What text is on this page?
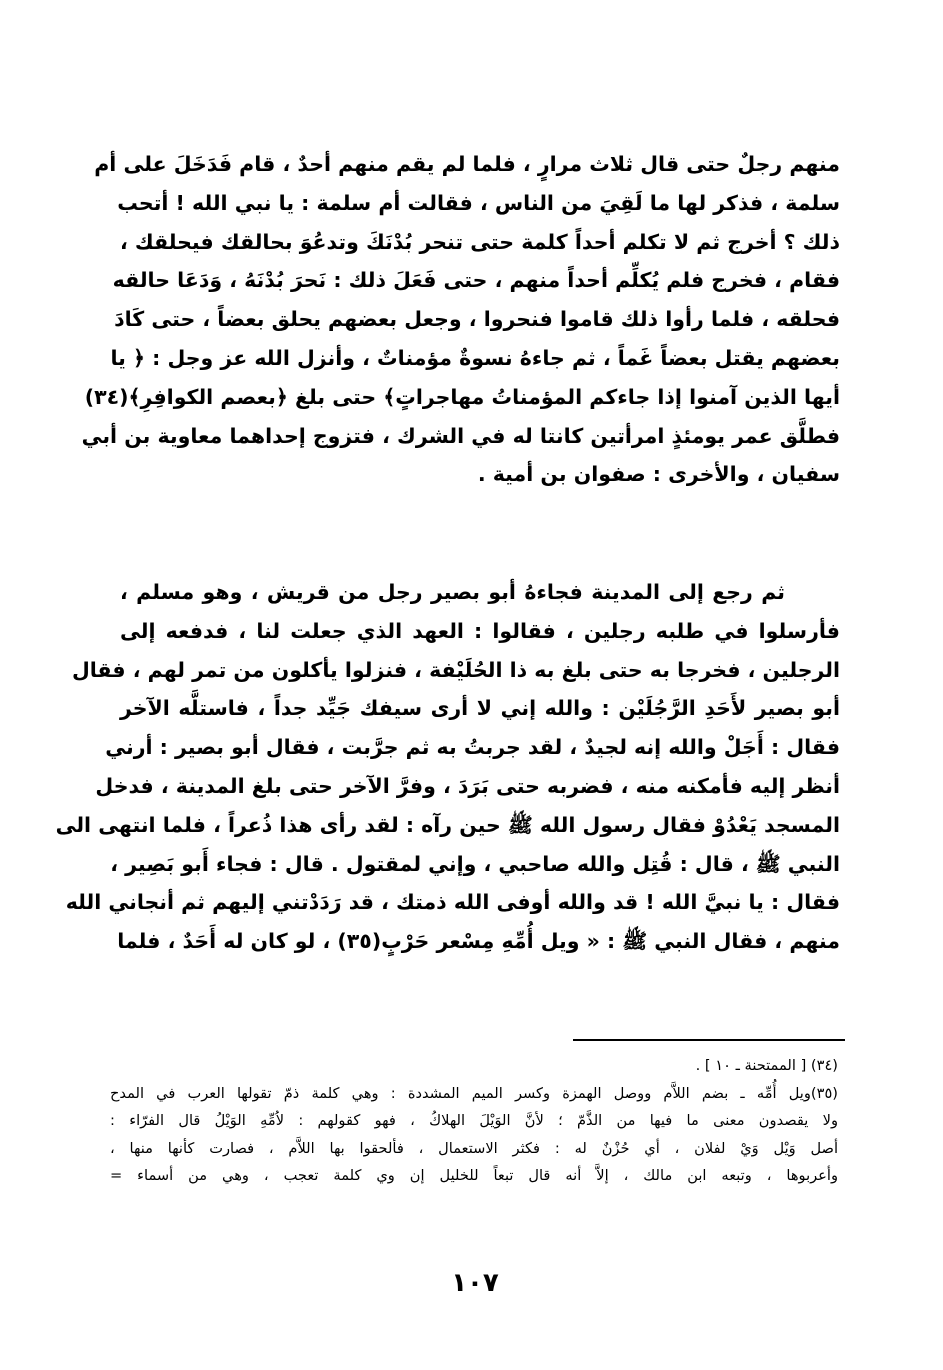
منهم رجلٌ حتى قال ثلاث مرارٍ ، فلما لم يقم منهم أحدٌ ، قام فَدَخَلَ على أم
سلمة ، فذكر لها ما لَقِيَ من الناس ، فقالت أم سلمة : يا نبي الله ! أتحب
ذلك ؟ أخرج ثم لا تكلم أحداً كلمة حتى تنحر بُدْنَكَ وتدعُوَ بحالقك فيحلقك ،
فقام ، فخرج فلم يُكلِّم أحداً منهم ، حتى فَعَلَ ذلك : نَحرَ بُدْنَهُ ، وَدَعَا حالقه
فحلقه ، فلما رأوا ذلك قاموا فنحروا ، وجعل بعضهم يحلق بعضاً ، حتى كَادَ
بعضهم يقتل بعضاً غَماً ، ثم جاءهُ نسوةٌ مؤمناتٌ ، وأنزل الله عز وجل : ﴿ يا
أيها الذين آمنوا إذا جاءكم المؤمناتُ مهاجراتٍ﴾ حتى بلغ ﴿بعصم الكوافِرِ﴾(٣٤)
فطلَّق عمر يومئذٍ امرأتين كانتا له في الشرك ، فتزوج إحداهما معاوية بن أبي
سفيان ، والأخرى : صفوان بن أمية .
ثم رجع إلى المدينة فجاءهُ أبو بصير رجل من قريش ، وهو مسلم ،
فأرسلوا في طلبه رجلين ، فقالوا : العهد الذي جعلت لنا ، فدفعه إلى
الرجلين ، فخرجا به حتى بلغ به ذا الحُلَيْفة ، فنزلوا يأكلون من تمر لهم ، فقال
أبو بصير لأَحَدِ الرَّجُلَيْن : والله إني لا أرى سيفك جَيِّد جداً ، فاستلَّه الآخر
فقال : أَجَلْ والله إنه لجيدٌ ، لقد جربتُ به ثم جرَّبت ، فقال أبو بصير : أرني
أنظر إليه فأمكنه منه ، فضربه حتى بَرَدَ ، وفرَّ الآخر حتى بلغ المدينة ، فدخل
المسجد يَعْدُوْ فقال رسول الله ﷺ حين رآه : لقد رأى هذا ذُعراً ، فلما انتهى الى
النبي ﷺ ، قال : قُتِل والله صاحبي ، وإني لمقتول . قال : فجاء أَبو بَصِير ،
فقال : يا نبيَّ الله ! قد والله أوفى الله ذمتك ، قد رَدَدْتني إليهم ثم أنجاني الله
منهم ، فقال النبي ﷺ : « ويل أُمِّهِ مِسْعر حَرْبٍ(٣٥) ، لو كان له أَحَدٌ ، فلما
(٣٤) [ الممتحنة ـ ١٠ ] .
(٣٥)ويل أُمِّه ـ بضم اللاَّم ووصل الهمزة وكسر الميم المشددة : وهي كلمة ذمّ تقولها العرب في المدح
ولا يقصدون معنى ما فيها من الذَّمّ ؛ لأنَّ الوَيْلَ الهلاكُ ، فهو كقولهم : لاُمِّهِ الوَيْلُ قال الفرّاء :
أصل وَيْل وَيْ لفلان ، أي حُزْنٌ له : فكثر الاستعمال ، فألحقوا بها اللاَّم ، فصارت كأنها منها ،
وأعربوها ، وتبعه ابن مالك ، إلاَّ أنه قال تبعاً للخليل إن وي كلمة تعجب ، وهي من أسماء =
١٠٧
